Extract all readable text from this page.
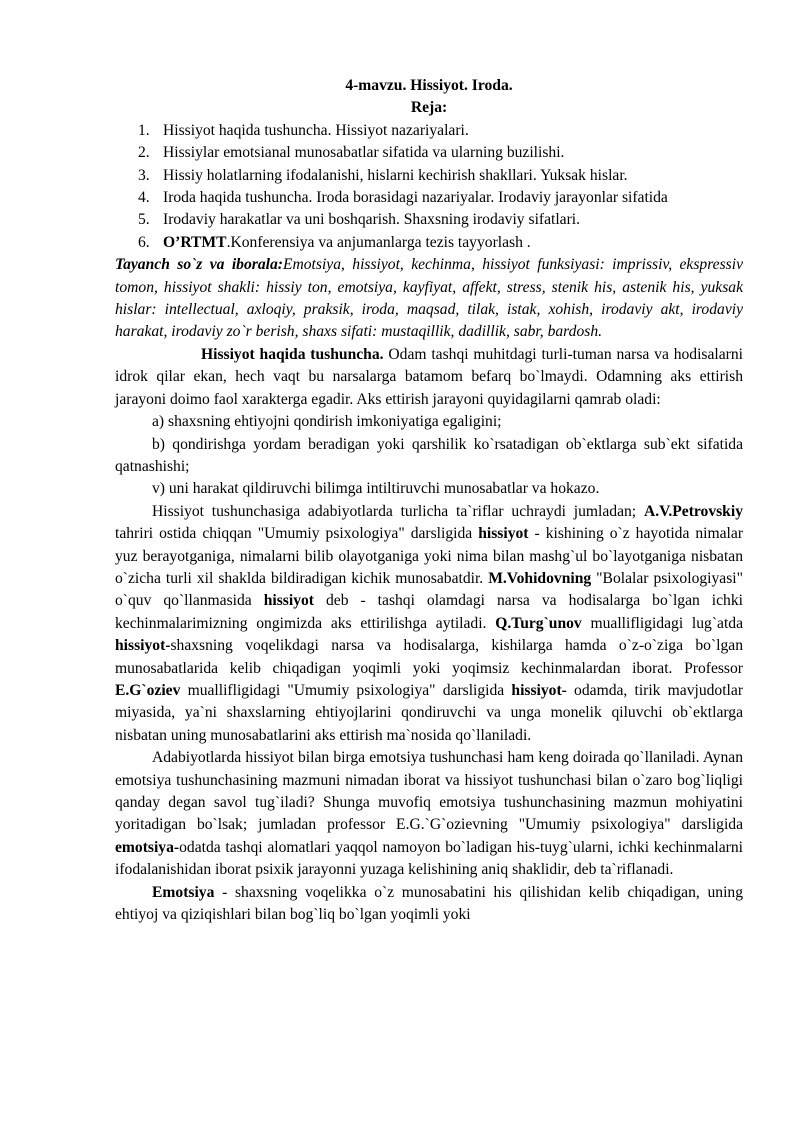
4-mavzu. Hissiyot. Iroda.

Reja:

1. Hissiyot haqida tushuncha. Hissiyot nazariyalari.
2. Hissiylar emotsianal munosabatlar sifatida va ularning buzilishi.
3. Hissiy holatlarning ifodalanishi, hislarni kechirish shakllari. Yuksak hislar.
4. Iroda haqida tushuncha. Iroda borasidagi nazariyalar. Irodaviy jarayonlar sifatida
5. Irodaviy harakatlar va uni boshqarish. Shaxsning irodaviy sifatlari.
6. O’RTMT.Konferensiya va anjumanlarga tezis tayyorlash .

Tayanch so`z va iboralа:Emotsiya, hissiyot, kechinma, hissiyot funksiyasi: imprissiv, ekspressiv tomon, hissiyot shakli: hissiy ton, emotsiya, kayfiyat, affekt, stress, stenik his, astenik his, yuksak hislar: intellectual, axloqiy, praksik, iroda, maqsad, tilak, istak, xohish, irodaviy akt, irodaviy harakat, irodaviy zo`r berish, shaxs sifati: mustaqillik, dadillik, sabr, bardosh.

Hissiyot haqida tushuncha. Odam tashqi muhitdagi turli-tuman narsa va hodisalarni idrok qilar ekan, hech vaqt bu narsalarga batamom befarq bo`lmaydi. Odamning aks ettirish jarayoni doimo faol xarakterga egadir. Aks ettirish jarayoni quyidagilarni qamrab oladi:

a) shaxsning ehtiyojni qondirish imkoniyatiga egaligini;

b) qondirishga yordam beradigan yoki qarshilik ko`rsatadigan ob`ektlarga sub`ekt sifatida qatnashishi;

v) uni harakat qildiruvchi bilimga intiltiruvchi munosabatlar va hokazo.

Hissiyot tushunchasiga adabiyotlarda turlicha ta`riflar uchraydi jumladan; A.V.Petrovskiy tahriri ostida chiqqan "Umumiy psixologiya" darsligida hissiyot - kishining o`z hayotida nimalar yuz berayotganiga, nimalarni bilib olayotganiga yoki nima bilan mashg`ul bo`layotganiga nisbatan o`zicha turli xil shaklda bildiradigan kichik munosabatdir. M.Vohidovning "Bolalar psixologiyasi" o`quv qo`llanmasida hissiyot deb - tashqi olamdagi narsa va hodisalarga bo`lgan ichki kechinmalarimizning ongimizda aks ettirilishga aytiladi. Q.Turg`unov muallifligidagi lug`atda hissiyot-shaxsning voqelikdagi narsa va hodisalarga, kishilarga hamda o`z-o`ziga bo`lgan munosabatlarida kelib chiqadigan yoqimli yoki yoqimsiz kechinmalardan iborat. Professor E.G`oziev muallifligidagi "Umumiy psixologiya" darsligida hissiyot- odamda, tirik mavjudotlar miyasida, ya`ni shaxslarning ehtiyojlarini qondiruvchi va unga monelik qiluvchi ob`ektlarga nisbatan uning munosabatlarini aks ettirish ma`nosida qo`llaniladi.

Adabiyotlarda hissiyot bilan birga emotsiya tushunchasi ham keng doirada qo`llaniladi. Aynan emotsiya tushunchasining mazmuni nimadan iborat va hissiyot tushunchasi bilan o`zaro bog`liqligi qanday degan savol tug`iladi? Shunga muvofiq emotsiya tushunchasining mazmun mohiyatini yoritadigan bo`lsak; jumladan professor E.G.`G`ozievning "Umumiy psixologiya" darsligida emotsiya-odatda tashqi alomatlari yaqqol namoyon bo`ladigan his-tuyg`ularni, ichki kechinmalarni ifodalanishidan iborat psixik jarayonni yuzaga kelishining aniq shaklidir, deb ta`riflanadi.

Emotsiya - shaxsning voqelikka o`z munosabatini his qilishidan kelib chiqadigan, uning ehtiyoj va qiziqishlari bilan bog`liq bo`lgan yoqimli yoki
